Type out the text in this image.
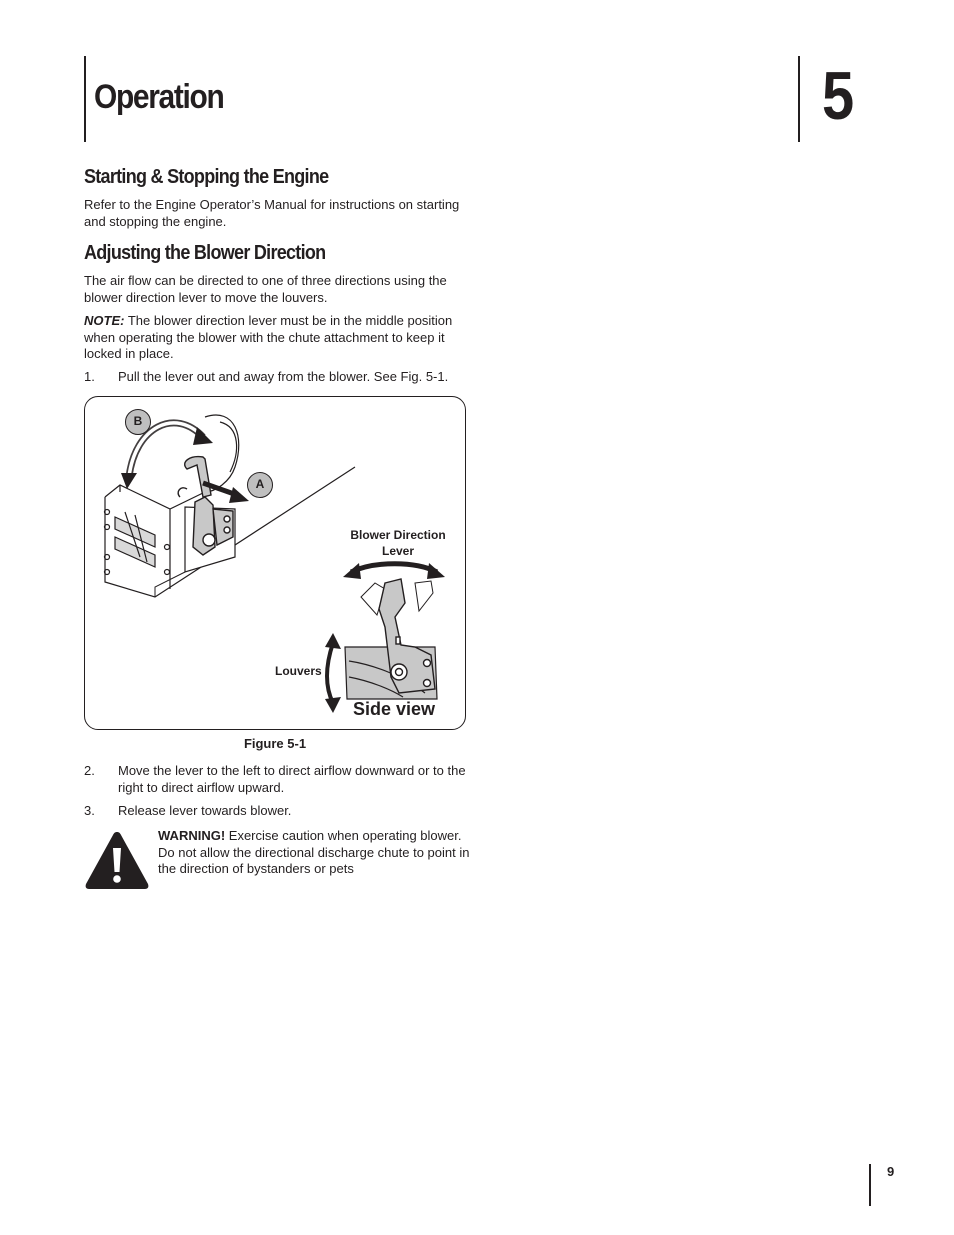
Operation	5
Starting & Stopping the Engine

Refer to the Engine Operator’s Manual for instructions on starting and stopping the engine.

Adjusting the Blower Direction

The air flow can be directed to one of three directions using the blower direction lever to move the louvers.

NOTE: The blower direction lever must be in the middle position when operating the blower with the chute attachment to keep it locked in place.

1. Pull the lever out and away from the blower. See Fig. 5-1.
B
A
Blower Direction
Lever
Louvers
Side view
Figure 5-1
2. Move the lever to the left to direct airflow downward or to the right to direct airflow upward.
3. Release lever towards blower.
WARNING! Exercise caution when operating blower. Do not allow the directional discharge chute to point in the direction of bystanders or pets
9
